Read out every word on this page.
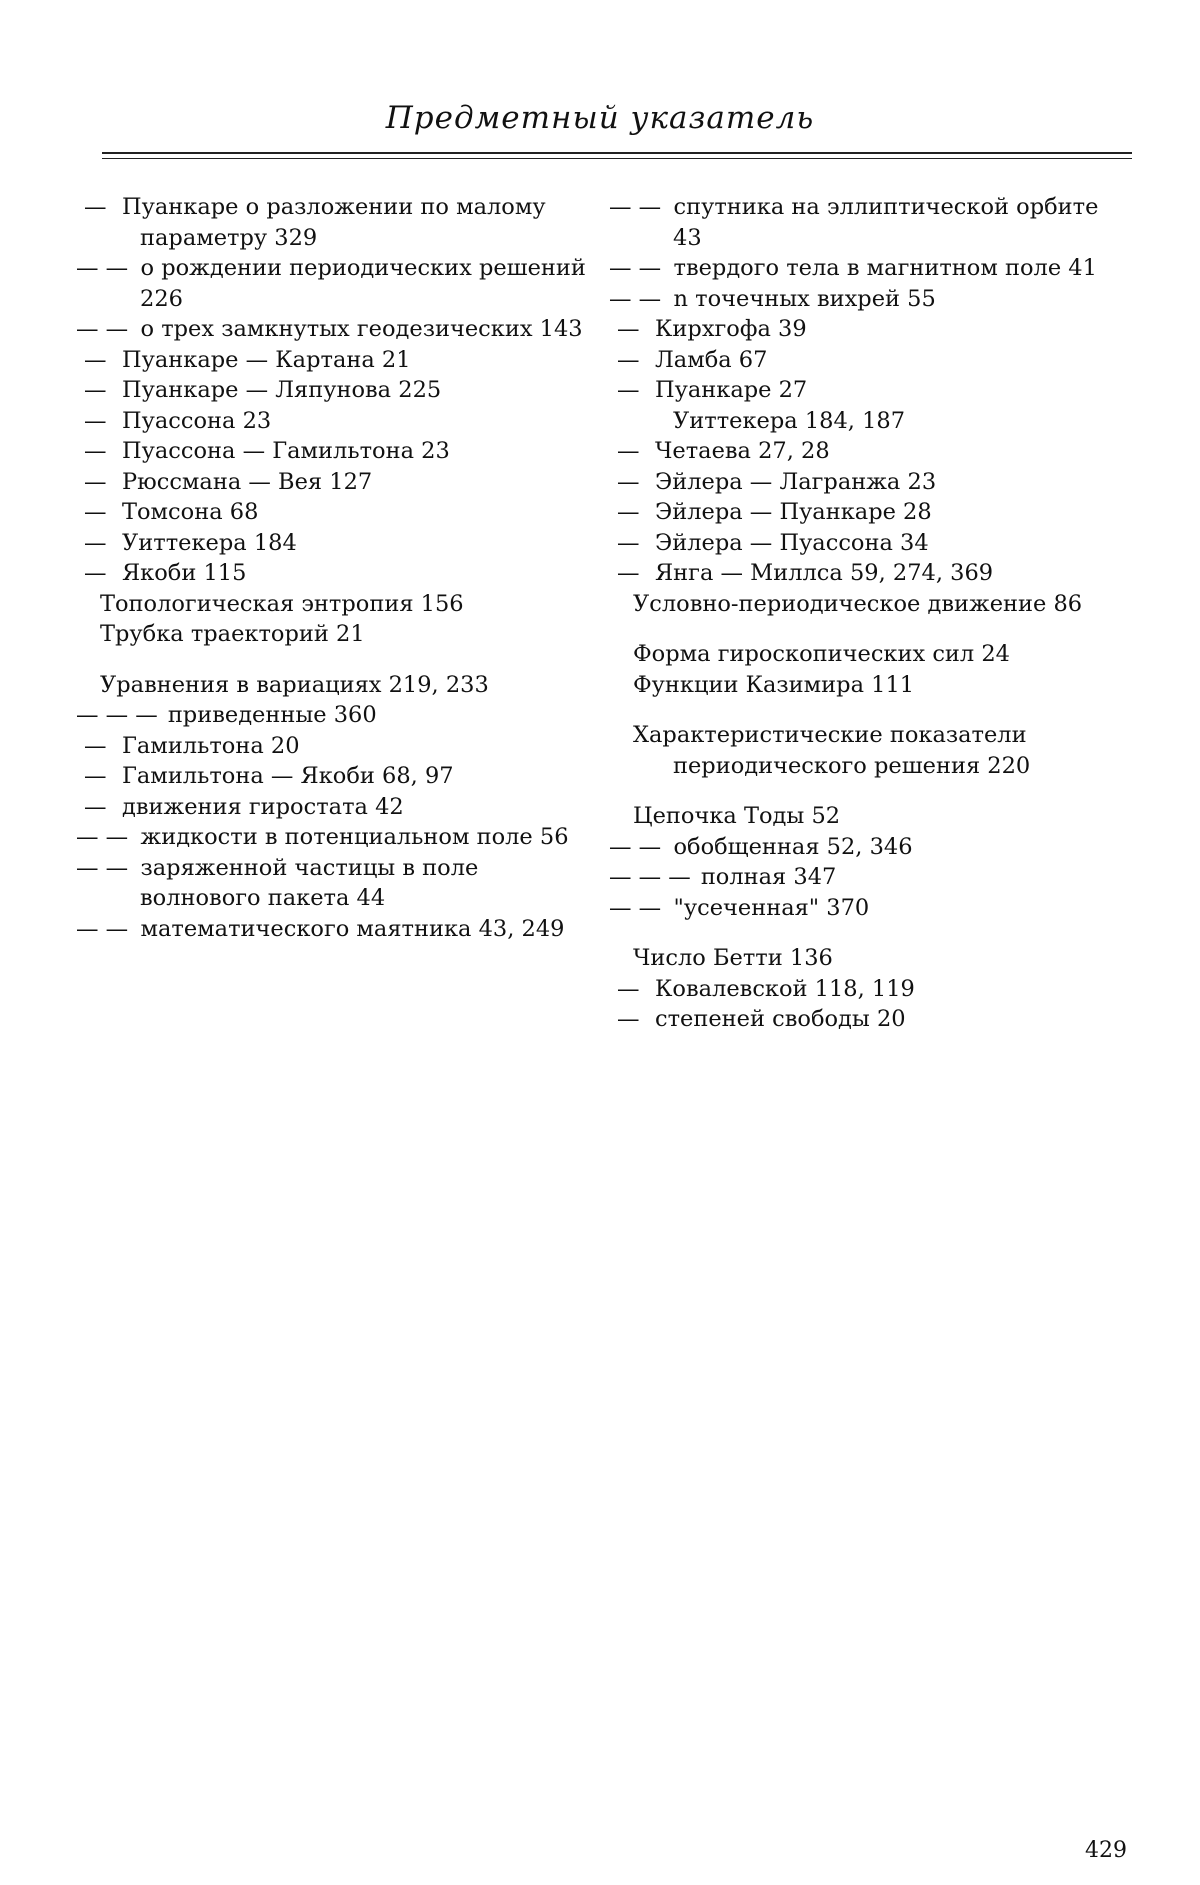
Предметный указатель

— Пуанкаре о разложении по малому параметру 329

— — о рождении периодических решений 226

— — о трех замкнутых геодезических 143

— Пуанкаре — Картана 21

— Пуанкаре — Ляпунова 225

— Пуассона 23

— Пуассона — Гамильтона 23

— Рюссмана — Вея 127

— Томсона 68

— Уиттекера 184

— Якоби 115

Топологическая энтропия 156

Трубка траекторий 21

Уравнения в вариациях 219, 233

— — — приведенные 360

— Гамильтона 20

— Гамильтона — Якоби 68, 97

— движения гиростата 42

— — жидкости в потенциальном поле 56

— — заряженной частицы в поле волнового пакета 44

— — математического маятника 43, 249

— — спутника на эллиптической орбите 43

— — твердого тела в магнитном поле 41

— — n точечных вихрей 55

— Кирхгофа 39

— Ламба 67

— Пуанкаре 27

Уиттекера 184, 187

— Четаева 27, 28

— Эйлера — Лагранжа 23

— Эйлера — Пуанкаре 28

— Эйлера — Пуассона 34

— Янга — Миллса 59, 274, 369

Условно-периодическое движение 86

Форма гироскопических сил 24

Функции Казимира 111

Характеристические показатели периодического решения 220

Цепочка Тоды 52

— — обобщенная 52, 346

— — — полная 347

— — "усеченная" 370

Число Бетти 136

— Ковалевской 118, 119

— степеней свободы 20

429
